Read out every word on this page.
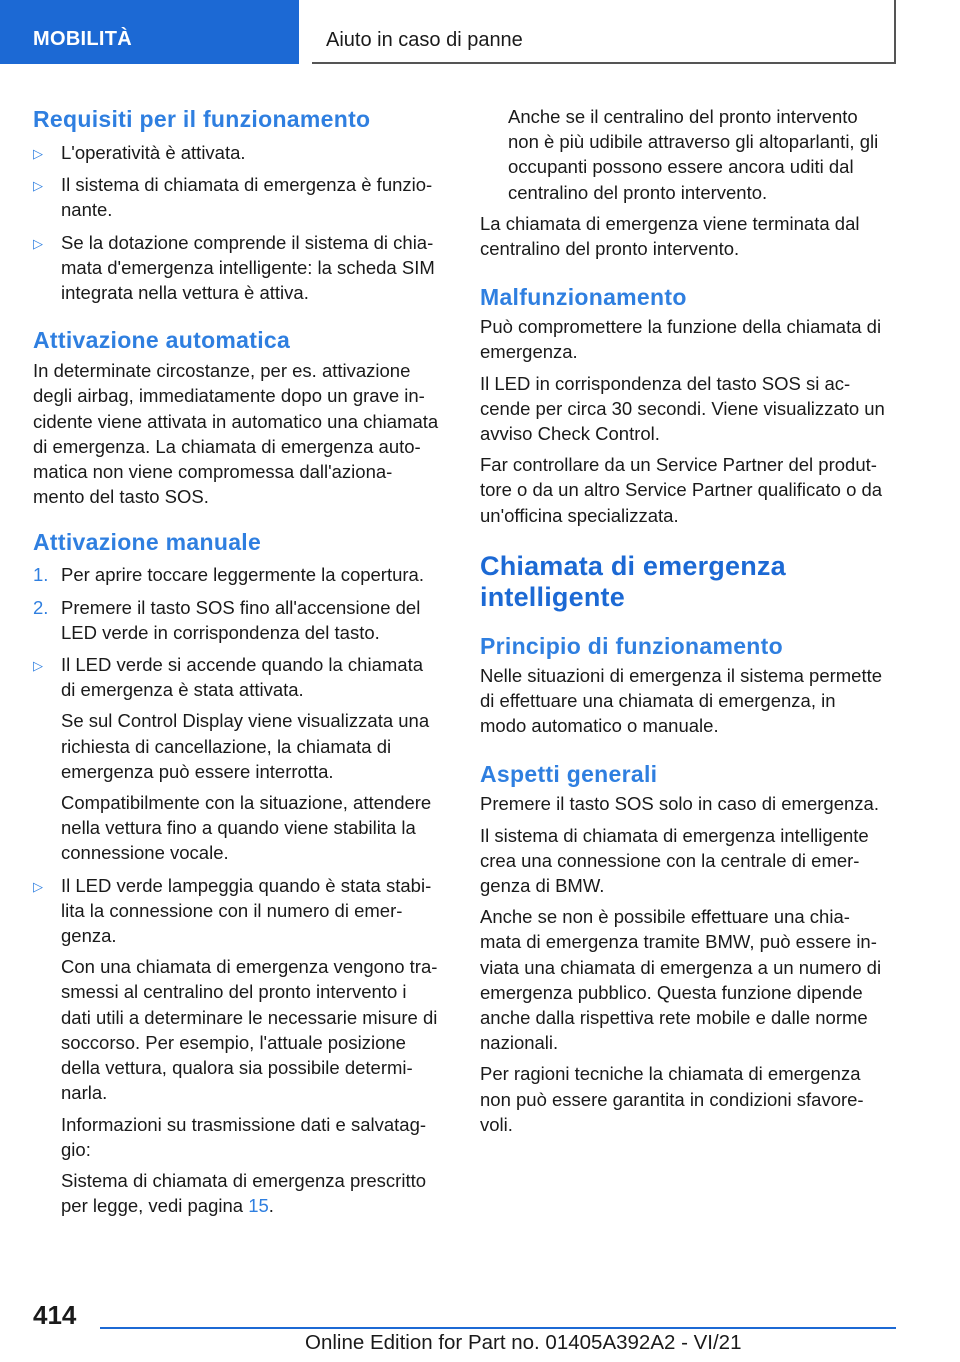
MOBILITÀ	Aiuto in caso di panne
Requisiti per il funzionamento
▷ L'operatività è attivata.
▷ Il sistema di chiamata di emergenza è funzio-
nante.
▷ Se la dotazione comprende il sistema di chia-
mata d'emergenza intelligente: la scheda SIM
integrata nella vettura è attiva.
Attivazione automatica

In determinate circostanze, per es. attivazione
degli airbag, immediatamente dopo un grave in-
cidente viene attivata in automatico una chiamata
di emergenza. La chiamata di emergenza auto-
matica non viene compromessa dall'aziona-
mento del tasto SOS.

Attivazione manuale
1. Per aprire toccare leggermente la copertura.
2. Premere il tasto SOS fino all'accensione del
LED verde in corrispondenza del tasto.
▷ Il LED verde si accende quando la chiamata
di emergenza è stata attivata.

Se sul Control Display viene visualizzata una
richiesta di cancellazione, la chiamata di
emergenza può essere interrotta.

Compatibilmente con la situazione, attendere
nella vettura fino a quando viene stabilita la
connessione vocale.

▷ Il LED verde lampeggia quando è stata stabi-
lita la connessione con il numero di emer-
genza.

Con una chiamata di emergenza vengono tra-
smessi al centralino del pronto intervento i
dati utili a determinare le necessarie misure di
soccorso. Per esempio, l'attuale posizione
della vettura, qualora sia possibile determi-
narla.

Informazioni su trasmissione dati e salvatag-
gio:

Sistema di chiamata di emergenza prescritto
per legge, vedi pagina 15.

Anche se il centralino del pronto intervento
non è più udibile attraverso gli altoparlanti, gli
occupanti possono essere ancora uditi dal
centralino del pronto intervento.

La chiamata di emergenza viene terminata dal
centralino del pronto intervento.

Malfunzionamento

Può compromettere la funzione della chiamata di
emergenza.

Il LED in corrispondenza del tasto SOS si ac-
cende per circa 30 secondi. Viene visualizzato un
avviso Check Control.

Far controllare da un Service Partner del produt-
tore o da un altro Service Partner qualificato o da
un'officina specializzata.

Chiamata di emergenza
intelligente
Principio di funzionamento

Nelle situazioni di emergenza il sistema permette
di effettuare una chiamata di emergenza, in
modo automatico o manuale.

Aspetti generali

Premere il tasto SOS solo in caso di emergenza.

Il sistema di chiamata di emergenza intelligente
crea una connessione con la centrale di emer-
genza di BMW.

Anche se non è possibile effettuare una chia-
mata di emergenza tramite BMW, può essere in-
viata una chiamata di emergenza a un numero di
emergenza pubblico. Questa funzione dipende
anche dalla rispettiva rete mobile e dalle norme
nazionali.

Per ragioni tecniche la chiamata di emergenza
non può essere garantita in condizioni sfavore-
voli.

414
Online Edition for Part no. 01405A392A2 - VI/21
